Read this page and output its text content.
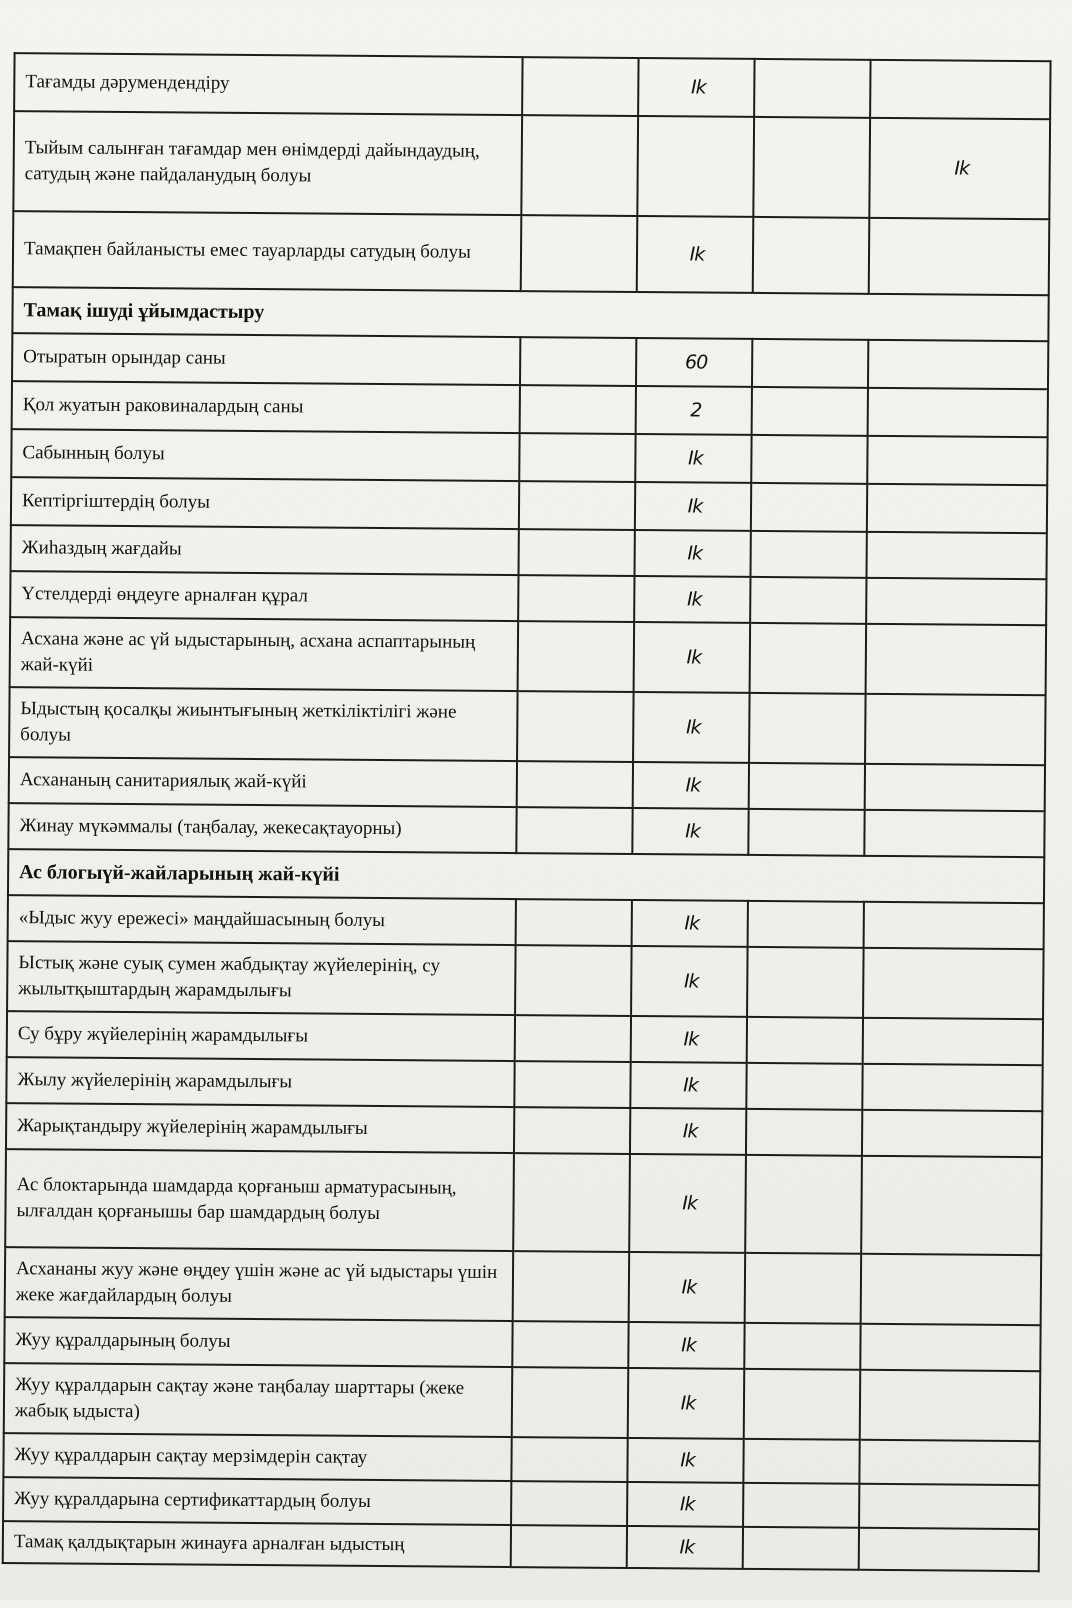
Тағамды дәрумендендіру		Ik		
Тыйым салынған тағамдар мен өнімдерді дайындаудың, сатудың және пайдаланудың болуы				Ik
Тамақпен байланысты емес тауарларды сатудың болуы		Ik		
Тамақ ішуді ұйымдастыру				
Отыратын орындар саны		60		
Қол жуатын раковиналардың саны		2		
Сабынның болуы		Ik		
Кептіргіштердің болуы		Ik		
Жиһаздың жағдайы		Ik		
Үстелдерді өңдеуге арналған құрал		Ik		
Асхана және ас үй ыдыстарының, асхана аспаптарының жай-күйі		Ik		
Ыдыстың қосалқы жиынтығының жеткіліктілігі және болуы		Ik		
Асхананың санитариялық жай-күйі		Ik		
Жинау мүкәммалы (таңбалау, жекесақтауорны)		Ik		
Ас блогыүй-жайларының жай-күйі				
«Ыдыс жуу ережесі» маңдайшасының болуы		Ik		
Ыстық және суық сумен жабдықтау жүйелерінің, су жылытқыштардың жарамдылығы		Ik		
Су бұру жүйелерінің жарамдылығы		Ik		
Жылу жүйелерінің жарамдылығы		Ik		
Жарықтандыру жүйелерінің жарамдылығы		Ik		
Ас блоктарында шамдарда қорғаныш арматурасының, ылғалдан қорғанышы бар шамдардың болуы		Ik		
Асхананы жуу және өңдеу үшін және ас үй ыдыстары үшін жеке жағдайлардың болуы		Ik		
Жуу құралдарының болуы		Ik		
Жуу құралдарын сақтау және таңбалау шарттары (жеке жабық ыдыста)		Ik		
Жуу құралдарын сақтау мерзімдерін сақтау		Ik		
Жуу құралдарына сертификаттардың болуы		Ik		
Тамақ қалдықтарын жинауға арналған ыдыстың		Ik		
